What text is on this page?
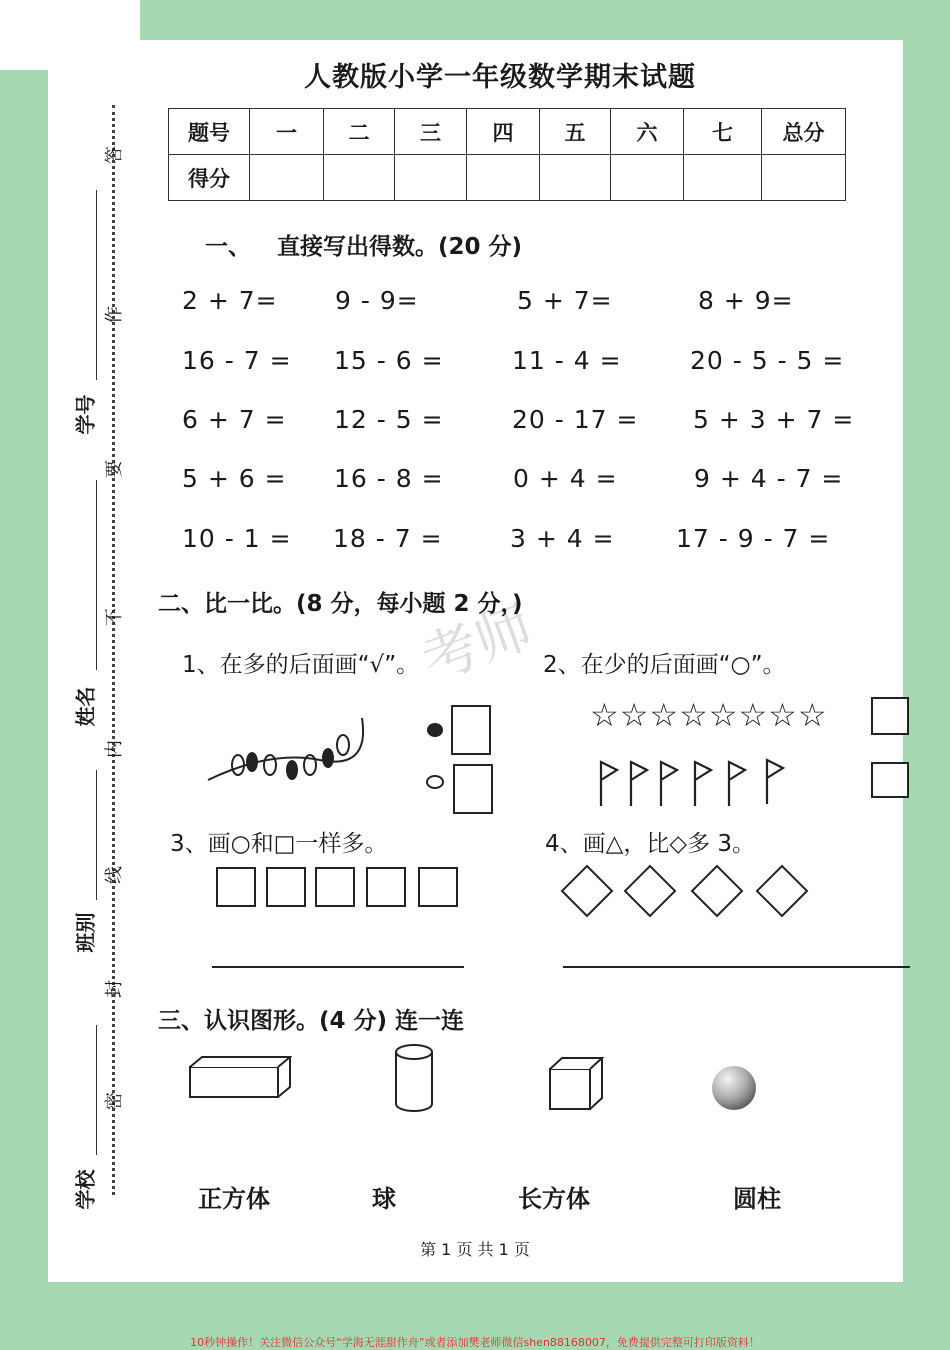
考师
人教版小学一年级数学期末试题
题号	一	二	三	四	五	六	七	总分
得分								
一、 直接写出得数。(20 分)
2 + 7= 9 - 9=	5 + 7=	8 + 9=
16 - 7 = 15 - 6 =	11 - 4 =	20 - 5 - 5 =
6 + 7 = 12 - 5 =	20 - 17 = 5 + 3 + 7 =
5 + 6 = 16 - 8 =	0 + 4 =	9 + 4 - 7 =
10 - 1 = 18 - 7 =	3 + 4 = 17 - 9 - 7 =
二、比一比。(8 分，每小题 2 分，)
1、在多的后面画“√”。	2、在少的后面画“○”。
☆☆☆☆☆☆☆☆
3、画○和□一样多。	4、画△，比◇多 3。
三、认识图形。(4 分) 连一连
正方体	球	长方体	圆柱
学校
班别
姓名
学号
答
作
要
不
内
线
封
密
第 1 页 共 1 页
10秒钟操作！关注微信公众号“学海无涯甜作舟”或者添加樊老师微信shen88168007，免费提供完整可打印版资料！
